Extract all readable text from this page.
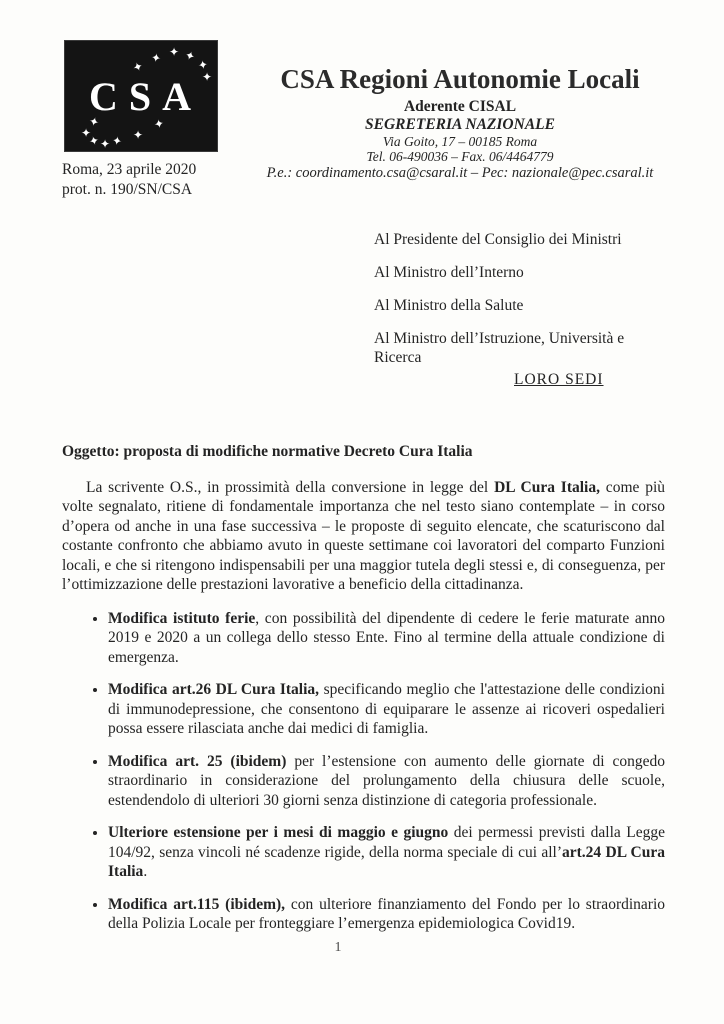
✦
✦ ✦ ✦
✦
✦
✦
✦
✦ ✦ ✦ ✦
✦
CSA	CSA Regioni Autonomie Locali
Aderente CISAL
SEGRETERIA NAZIONALE
Via Goito, 17 – 00185 Roma
Tel. 06-490036 – Fax. 06/4464779
P.e.: coordinamento.csa@csaral.it – Pec: nazionale@pec.csaral.it
Roma, 23 aprile 2020
prot. n. 190/SN/CSA
Al Presidente del Consiglio dei Ministri
Al Ministro dell’Interno
Al Ministro della Salute
Al Ministro dell’Istruzione, Università e Ricerca
LORO SEDI
Oggetto: proposta di modifiche normative Decreto Cura Italia

La scrivente O.S., in prossimità della conversione in legge del DL Cura Italia, come più volte segnalato, ritiene di fondamentale importanza che nel testo siano contemplate – in corso d’opera od anche in una fase successiva – le proposte di seguito elencate, che scaturiscono dal costante confronto che abbiamo avuto in queste settimane coi lavoratori del comparto Funzioni locali, e che si ritengono indispensabili per una maggior tutela degli stessi e, di conseguenza, per l’ottimizzazione delle prestazioni lavorative a beneficio della cittadinanza.

• Modifica istituto ferie, con possibilità del dipendente di cedere le ferie maturate anno 2019 e 2020 a un collega dello stesso Ente. Fino al termine della attuale condizione di emergenza.
• Modifica art.26 DL Cura Italia, specificando meglio che l'attestazione delle condizioni di immunodepressione, che consentono di equiparare le assenze ai ricoveri ospedalieri possa essere rilasciata anche dai medici di famiglia.
• Modifica art. 25 (ibidem) per l’estensione con aumento delle giornate di congedo straordinario in considerazione del prolungamento della chiusura delle scuole, estendendolo di ulteriori 30 giorni senza distinzione di categoria professionale.
• Ulteriore estensione per i mesi di maggio e giugno dei permessi previsti dalla Legge 104/92, senza vincoli né scadenze rigide, della norma speciale di cui all’art.24 DL Cura Italia.
• Modifica art.115 (ibidem), con ulteriore finanziamento del Fondo per lo straordinario della Polizia Locale per fronteggiare l’emergenza epidemiologica Covid19.
1
